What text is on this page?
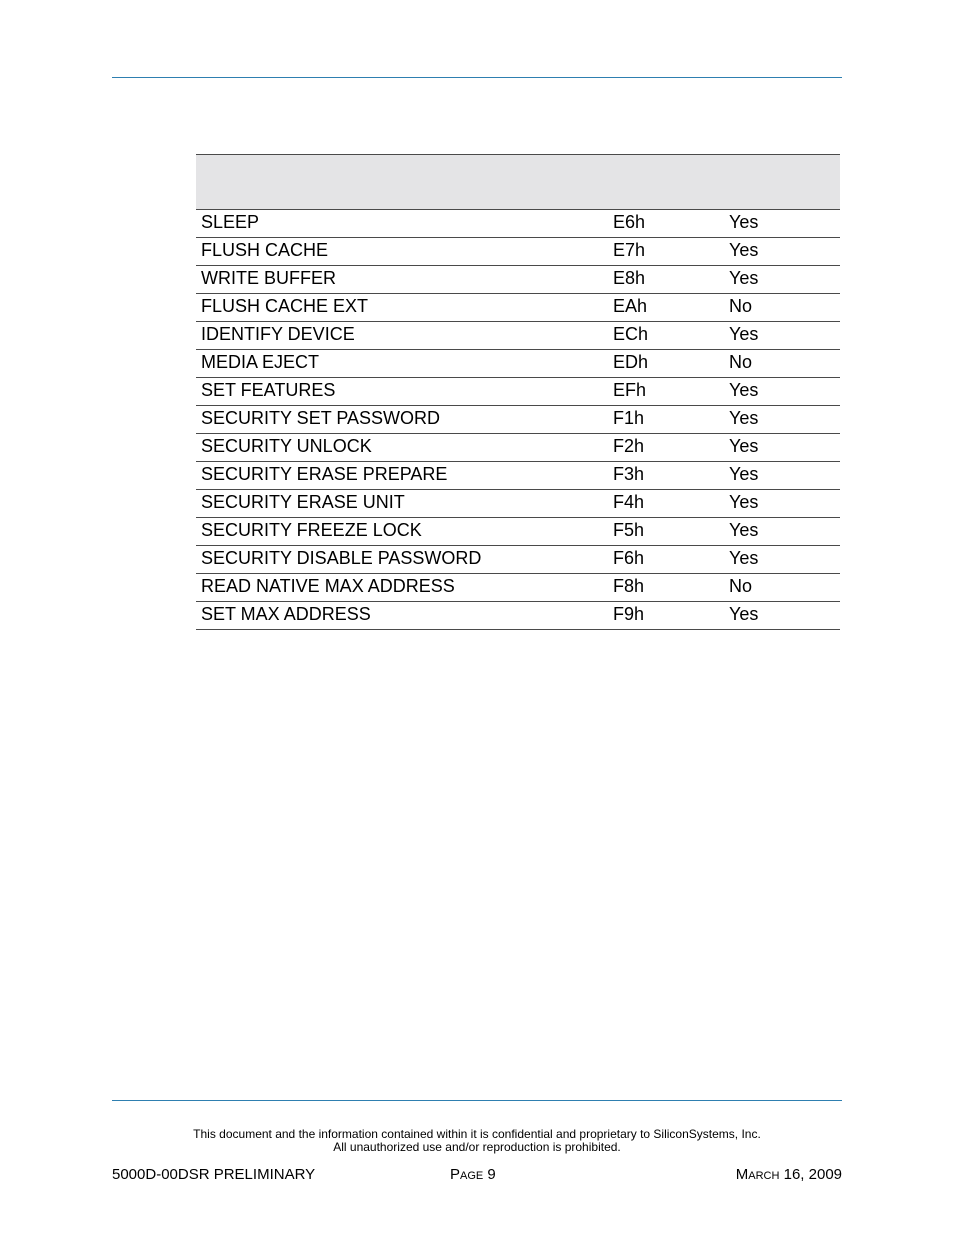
SLEEP	E6h	Yes
FLUSH CACHE	E7h	Yes
WRITE BUFFER	E8h	Yes
FLUSH CACHE EXT	EAh	No
IDENTIFY DEVICE	ECh	Yes
MEDIA EJECT	EDh	No
SET FEATURES	EFh	Yes
SECURITY SET PASSWORD	F1h	Yes
SECURITY UNLOCK	F2h	Yes
SECURITY ERASE PREPARE	F3h	Yes
SECURITY ERASE UNIT	F4h	Yes
SECURITY FREEZE LOCK	F5h	Yes
SECURITY DISABLE PASSWORD	F6h	Yes
READ NATIVE MAX ADDRESS	F8h	No
SET MAX ADDRESS	F9h	Yes
This document and the information contained within it is confidential and proprietary to SiliconSystems, Inc.
All unauthorized use and/or reproduction is prohibited.
5000D-00DSR PRELIMINARY	PAGE 9	MARCH 16, 2009
